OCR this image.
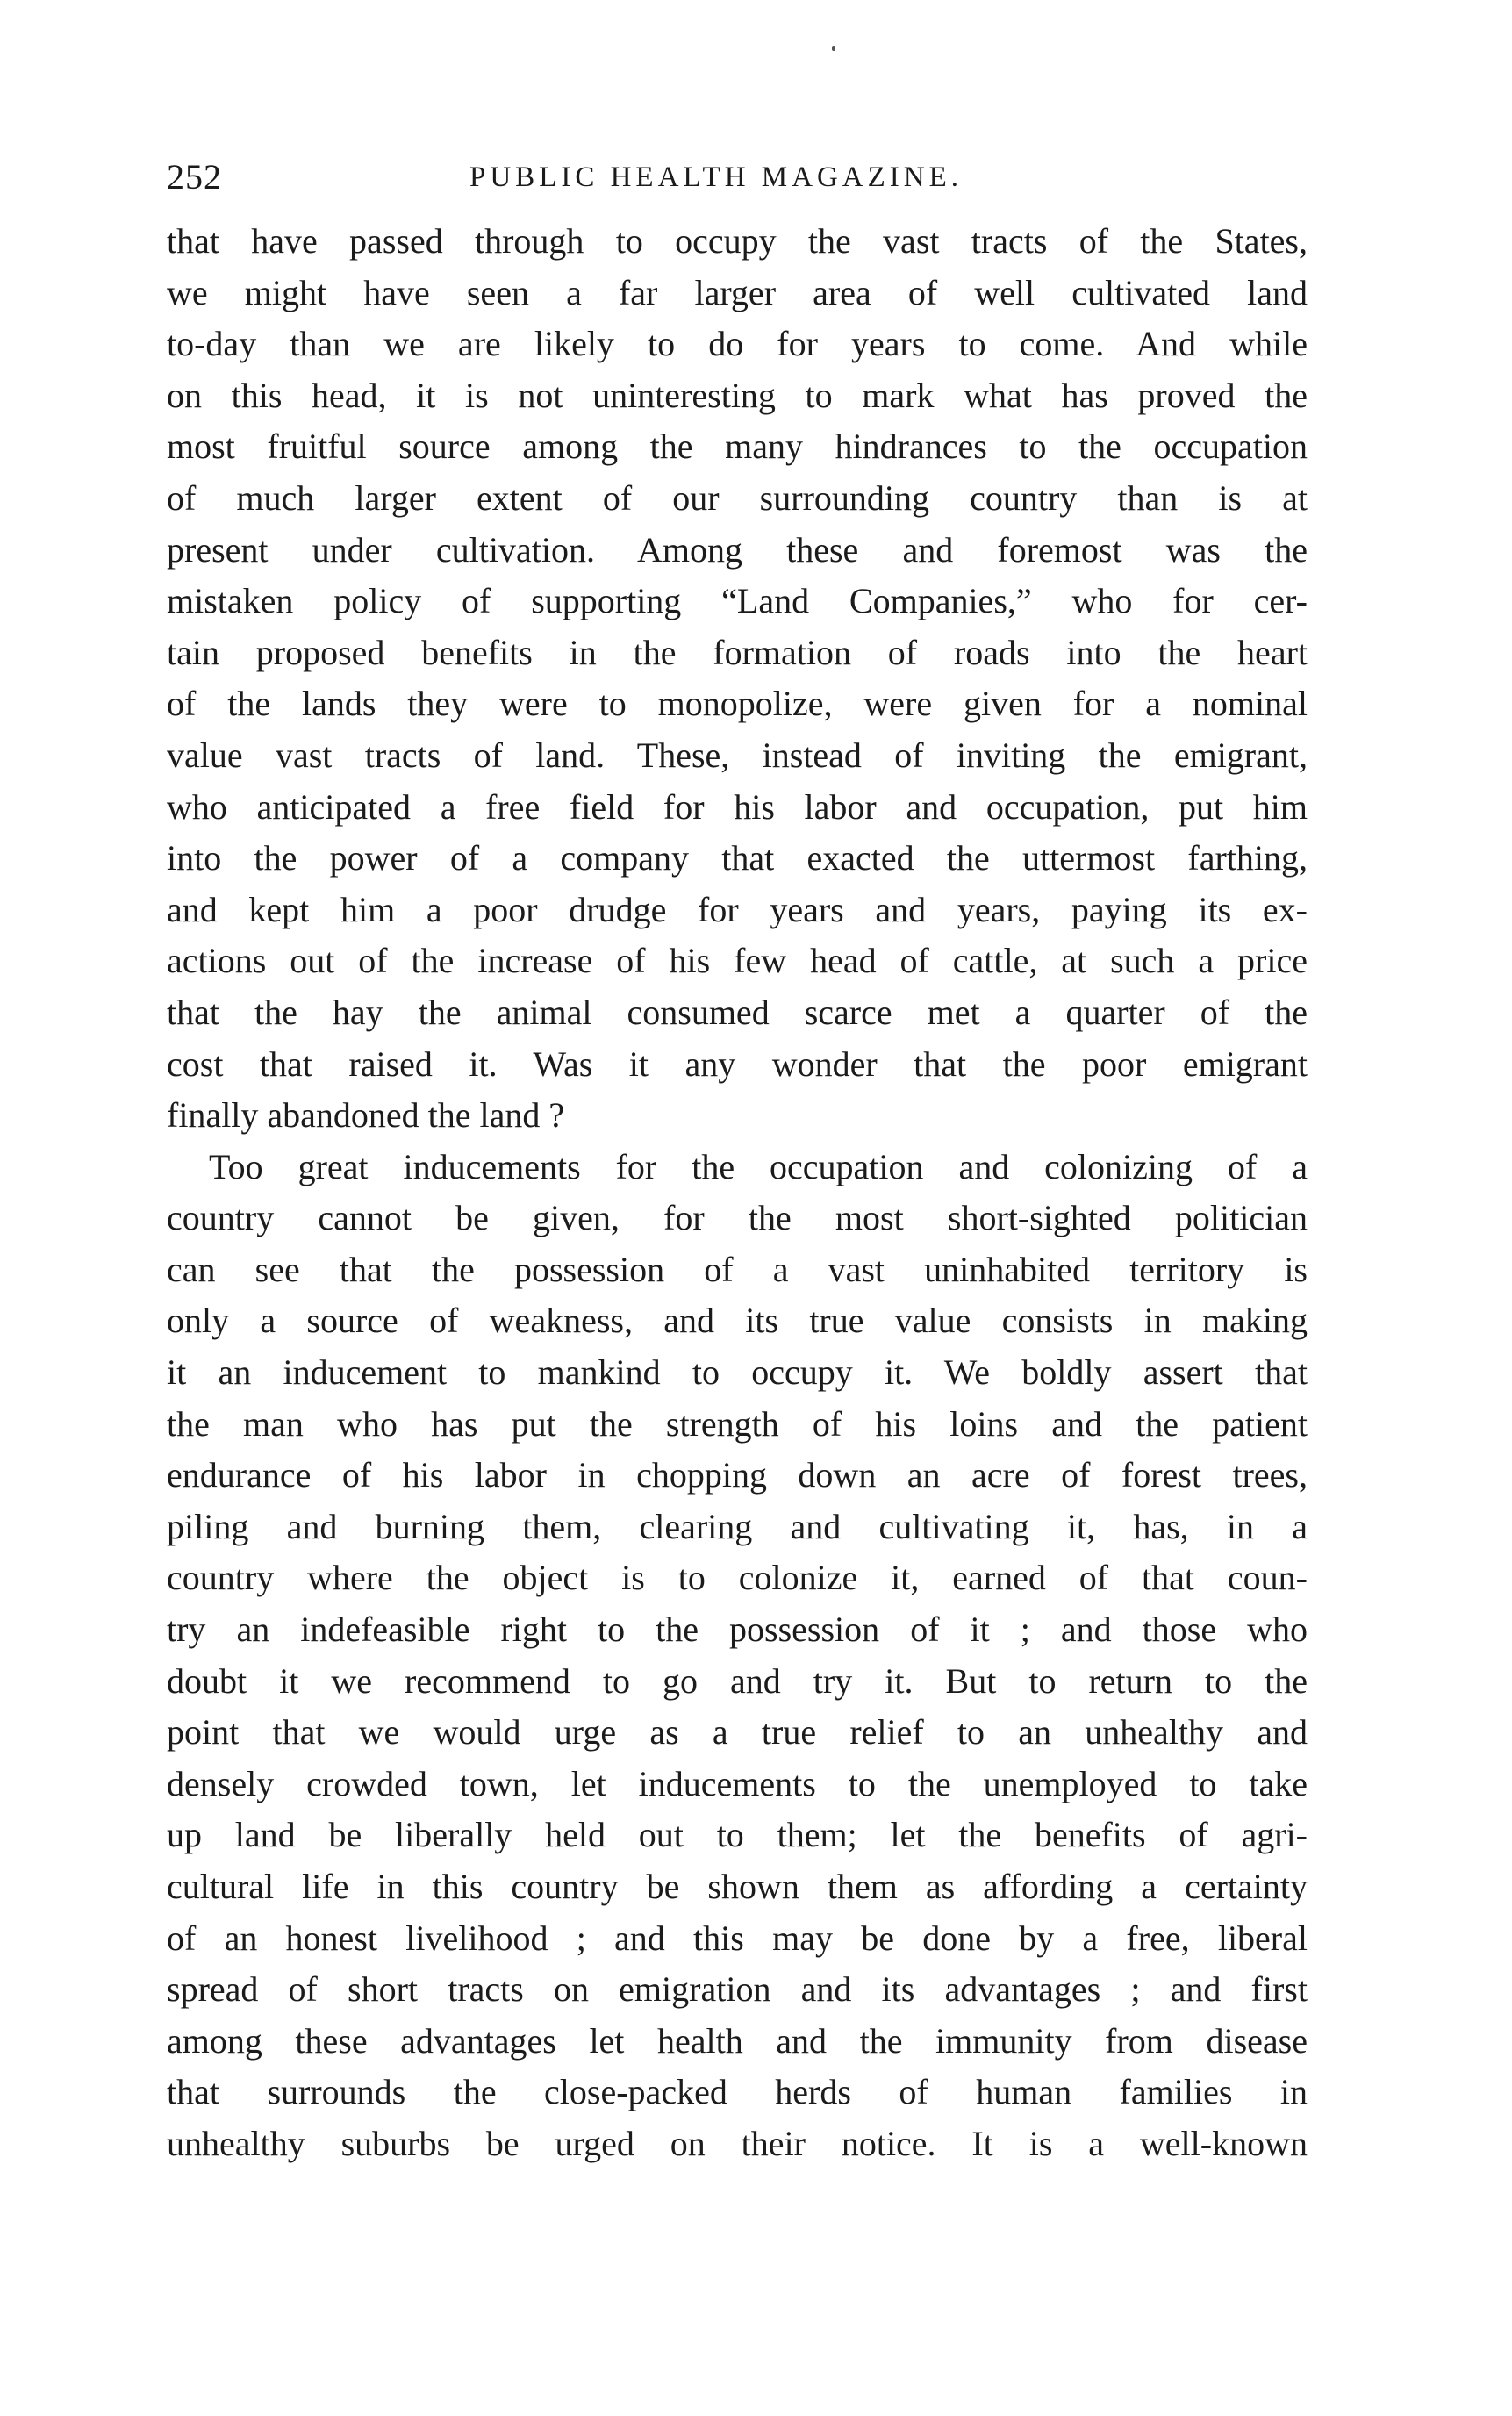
252	PUBLIC HEALTH MAGAZINE.
that have passed through to occupy the vast tracts of the States,
we might have seen a far larger area of well cultivated land
to-day than we are likely to do for years to come. And while
on this head, it is not uninteresting to mark what has proved the
most fruitful source among the many hindrances to the occupation
of much larger extent of our surrounding country than is at
present under cultivation. Among these and foremost was the
mistaken policy of supporting “Land Companies,” who for cer-
tain proposed benefits in the formation of roads into the heart
of the lands they were to monopolize, were given for a nominal
value vast tracts of land. These, instead of inviting the emigrant,
who anticipated a free field for his labor and occupation, put him
into the power of a company that exacted the uttermost farthing,
and kept him a poor drudge for years and years, paying its ex-
actions out of the increase of his few head of cattle, at such a price
that the hay the animal consumed scarce met a quarter of the
cost that raised it. Was it any wonder that the poor emigrant
finally abandoned the land ?
Too great inducements for the occupation and colonizing of a
country cannot be given, for the most short-sighted politician
can see that the possession of a vast uninhabited territory is
only a source of weakness, and its true value consists in making
it an inducement to mankind to occupy it. We boldly assert that
the man who has put the strength of his loins and the patient
endurance of his labor in chopping down an acre of forest trees,
piling and burning them, clearing and cultivating it, has, in a
country where the object is to colonize it, earned of that coun-
try an indefeasible right to the possession of it ; and those who
doubt it we recommend to go and try it. But to return to the
point that we would urge as a true relief to an unhealthy and
densely crowded town, let inducements to the unemployed to take
up land be liberally held out to them; let the benefits of agri-
cultural life in this country be shown them as affording a certainty
of an honest livelihood ; and this may be done by a free, liberal
spread of short tracts on emigration and its advantages ; and first
among these advantages let health and the immunity from disease
that surrounds the close-packed herds of human families in
unhealthy suburbs be urged on their notice. It is a well-known
